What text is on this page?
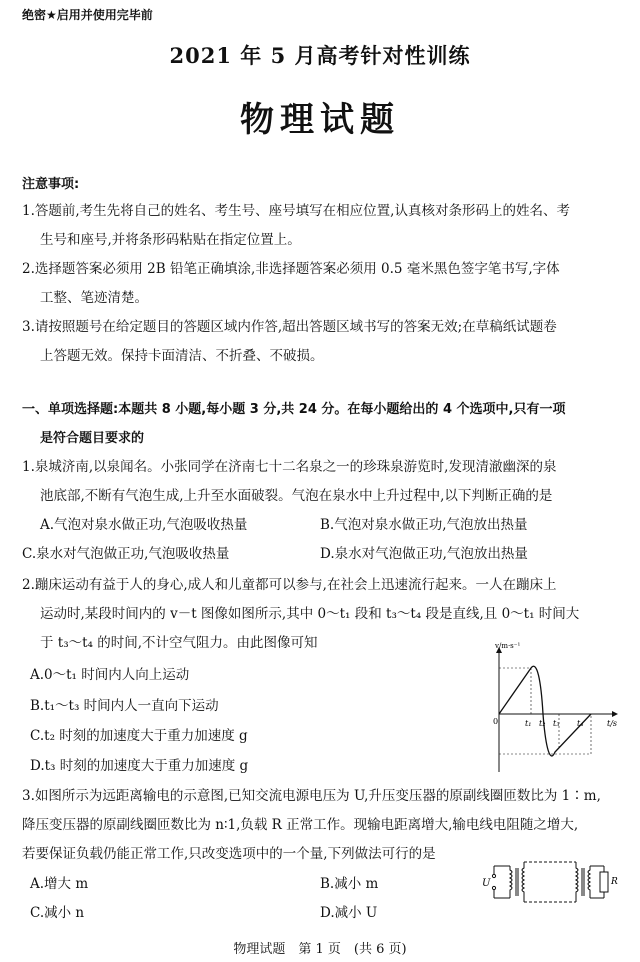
绝密★启用并使用完毕前
2021 年 5 月高考针对性训练
物理试题
注意事项:
1.答题前,考生先将自己的姓名、考生号、座号填写在相应位置,认真核对条形码上的姓名、考
生号和座号,并将条形码粘贴在指定位置上。
2.选择题答案必须用 2B 铅笔正确填涂,非选择题答案必须用 0.5 毫米黑色签字笔书写,字体
工整、笔迹清楚。
3.请按照题号在给定题目的答题区域内作答,超出答题区域书写的答案无效;在草稿纸试题卷
上答题无效。保持卡面清洁、不折叠、不破损。
一、单项选择题:本题共 8 小题,每小题 3 分,共 24 分。在每小题给出的 4 个选项中,只有一项
是符合题目要求的
1.泉城济南,以泉闻名。小张同学在济南七十二名泉之一的珍珠泉游览时,发现清澈幽深的泉
池底部,不断有气泡生成,上升至水面破裂。气泡在泉水中上升过程中,以下判断正确的是
A.气泡对泉水做正功,气泡吸收热量	B.气泡对泉水做正功,气泡放出热量
C.泉水对气泡做正功,气泡吸收热量	D.泉水对气泡做正功,气泡放出热量
2.蹦床运动有益于人的身心,成人和儿童都可以参与,在社会上迅速流行起来。一人在蹦床上
运动时,某段时间内的 v－t 图像如图所示,其中 0～t₁ 段和 t₃～t₄ 段是直线,且 0～t₁ 时间大
于 t₃～t₄ 的时间,不计空气阻力。由此图像可知
A.0～t₁ 时间内人向上运动
B.t₁～t₃ 时间内人一直向下运动
C.t₂ 时刻的加速度大于重力加速度 g
D.t₃ 时刻的加速度大于重力加速度 g
v/m·s⁻¹
t/s
0	t₁ t₂ t₃ t₄
3.如图所示为远距离输电的示意图,已知交流电源电压为 U,升压变压器的原副线圈匝数比为 1∶m,
降压变压器的原副线圈匝数比为 n∶1,负载 R 正常工作。现输电距离增大,输电线电阻随之增大,
若要保证负载仍能正常工作,只改变选项中的一个量,下列做法可行的是
A.增大 m	B.减小 m
C.减小 n	D.减小 U
U	R
物理试题　第 1 页　(共 6 页)
